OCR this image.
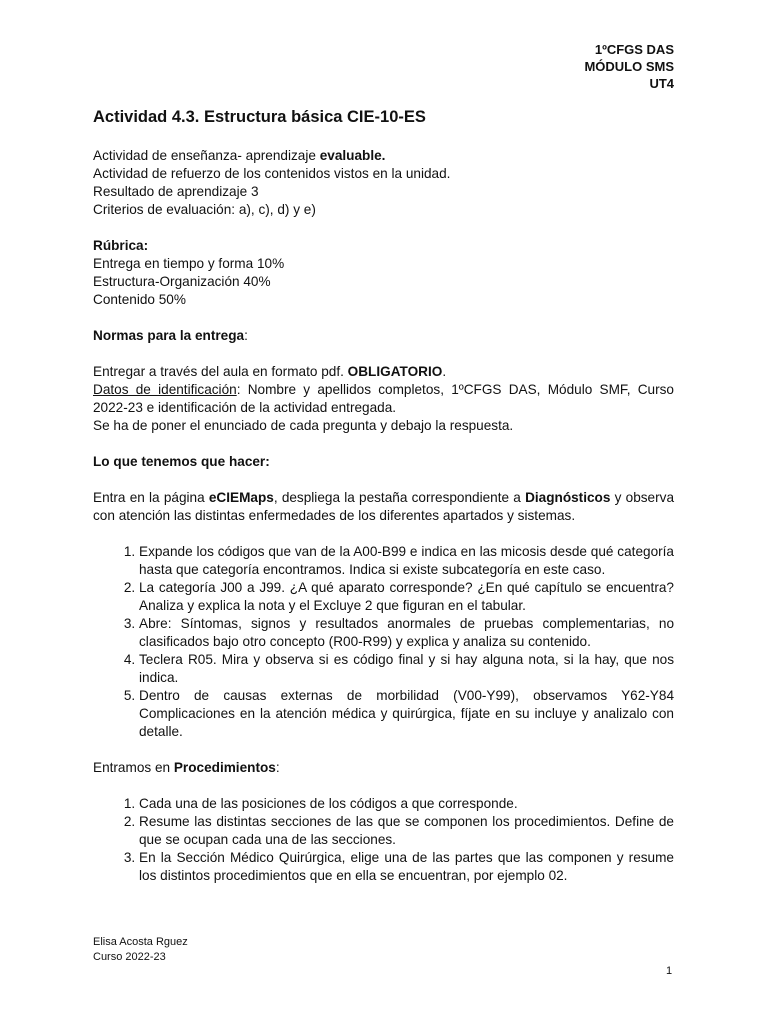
1ºCFGS DAS
MÓDULO SMS
UT4
Actividad 4.3. Estructura básica CIE-10-ES

Actividad de enseñanza- aprendizaje evaluable.

Actividad de refuerzo de los contenidos vistos en la unidad.

Resultado de aprendizaje 3

Criterios de evaluación: a), c), d) y e)

Rúbrica:

Entrega en tiempo y forma 10%

Estructura-Organización 40%

Contenido 50%

Normas para la entrega:

Entregar a través del aula en formato pdf. OBLIGATORIO.

Datos de identificación: Nombre y apellidos completos, 1ºCFGS DAS, Módulo SMF, Curso 2022-23 e identificación de la actividad entregada.

Se ha de poner el enunciado de cada pregunta y debajo la respuesta.

Lo que tenemos que hacer:

Entra en la página eCIEMaps, despliega la pestaña correspondiente a Diagnósticos y observa con atención las distintas enfermedades de los diferentes apartados y sistemas.

1. Expande los códigos que van de la A00-B99 e indica en las micosis desde qué categoría hasta que categoría encontramos. Indica si existe subcategoría en este caso.
2. La categoría J00 a J99. ¿A qué aparato corresponde? ¿En qué capítulo se encuentra? Analiza y explica la nota y el Excluye 2 que figuran en el tabular.
3. Abre: Síntomas, signos y resultados anormales de pruebas complementarias, no clasificados bajo otro concepto (R00-R99) y explica y analiza su contenido.
4. Teclera R05. Mira y observa si es código final y si hay alguna nota, si la hay, que nos indica.
5. Dentro de causas externas de morbilidad (V00-Y99), observamos Y62-Y84 Complicaciones en la atención médica y quirúrgica, fíjate en su incluye y analizalo con detalle.

Entramos en Procedimientos:

1. Cada una de las posiciones de los códigos a que corresponde.
2. Resume las distintas secciones de las que se componen los procedimientos. Define de que se ocupan cada una de las secciones.
3. En la Sección Médico Quirúrgica, elige una de las partes que las componen y resume los distintos procedimientos que en ella se encuentran, por ejemplo 02.
Elisa Acosta Rguez
Curso 2022-23
1
